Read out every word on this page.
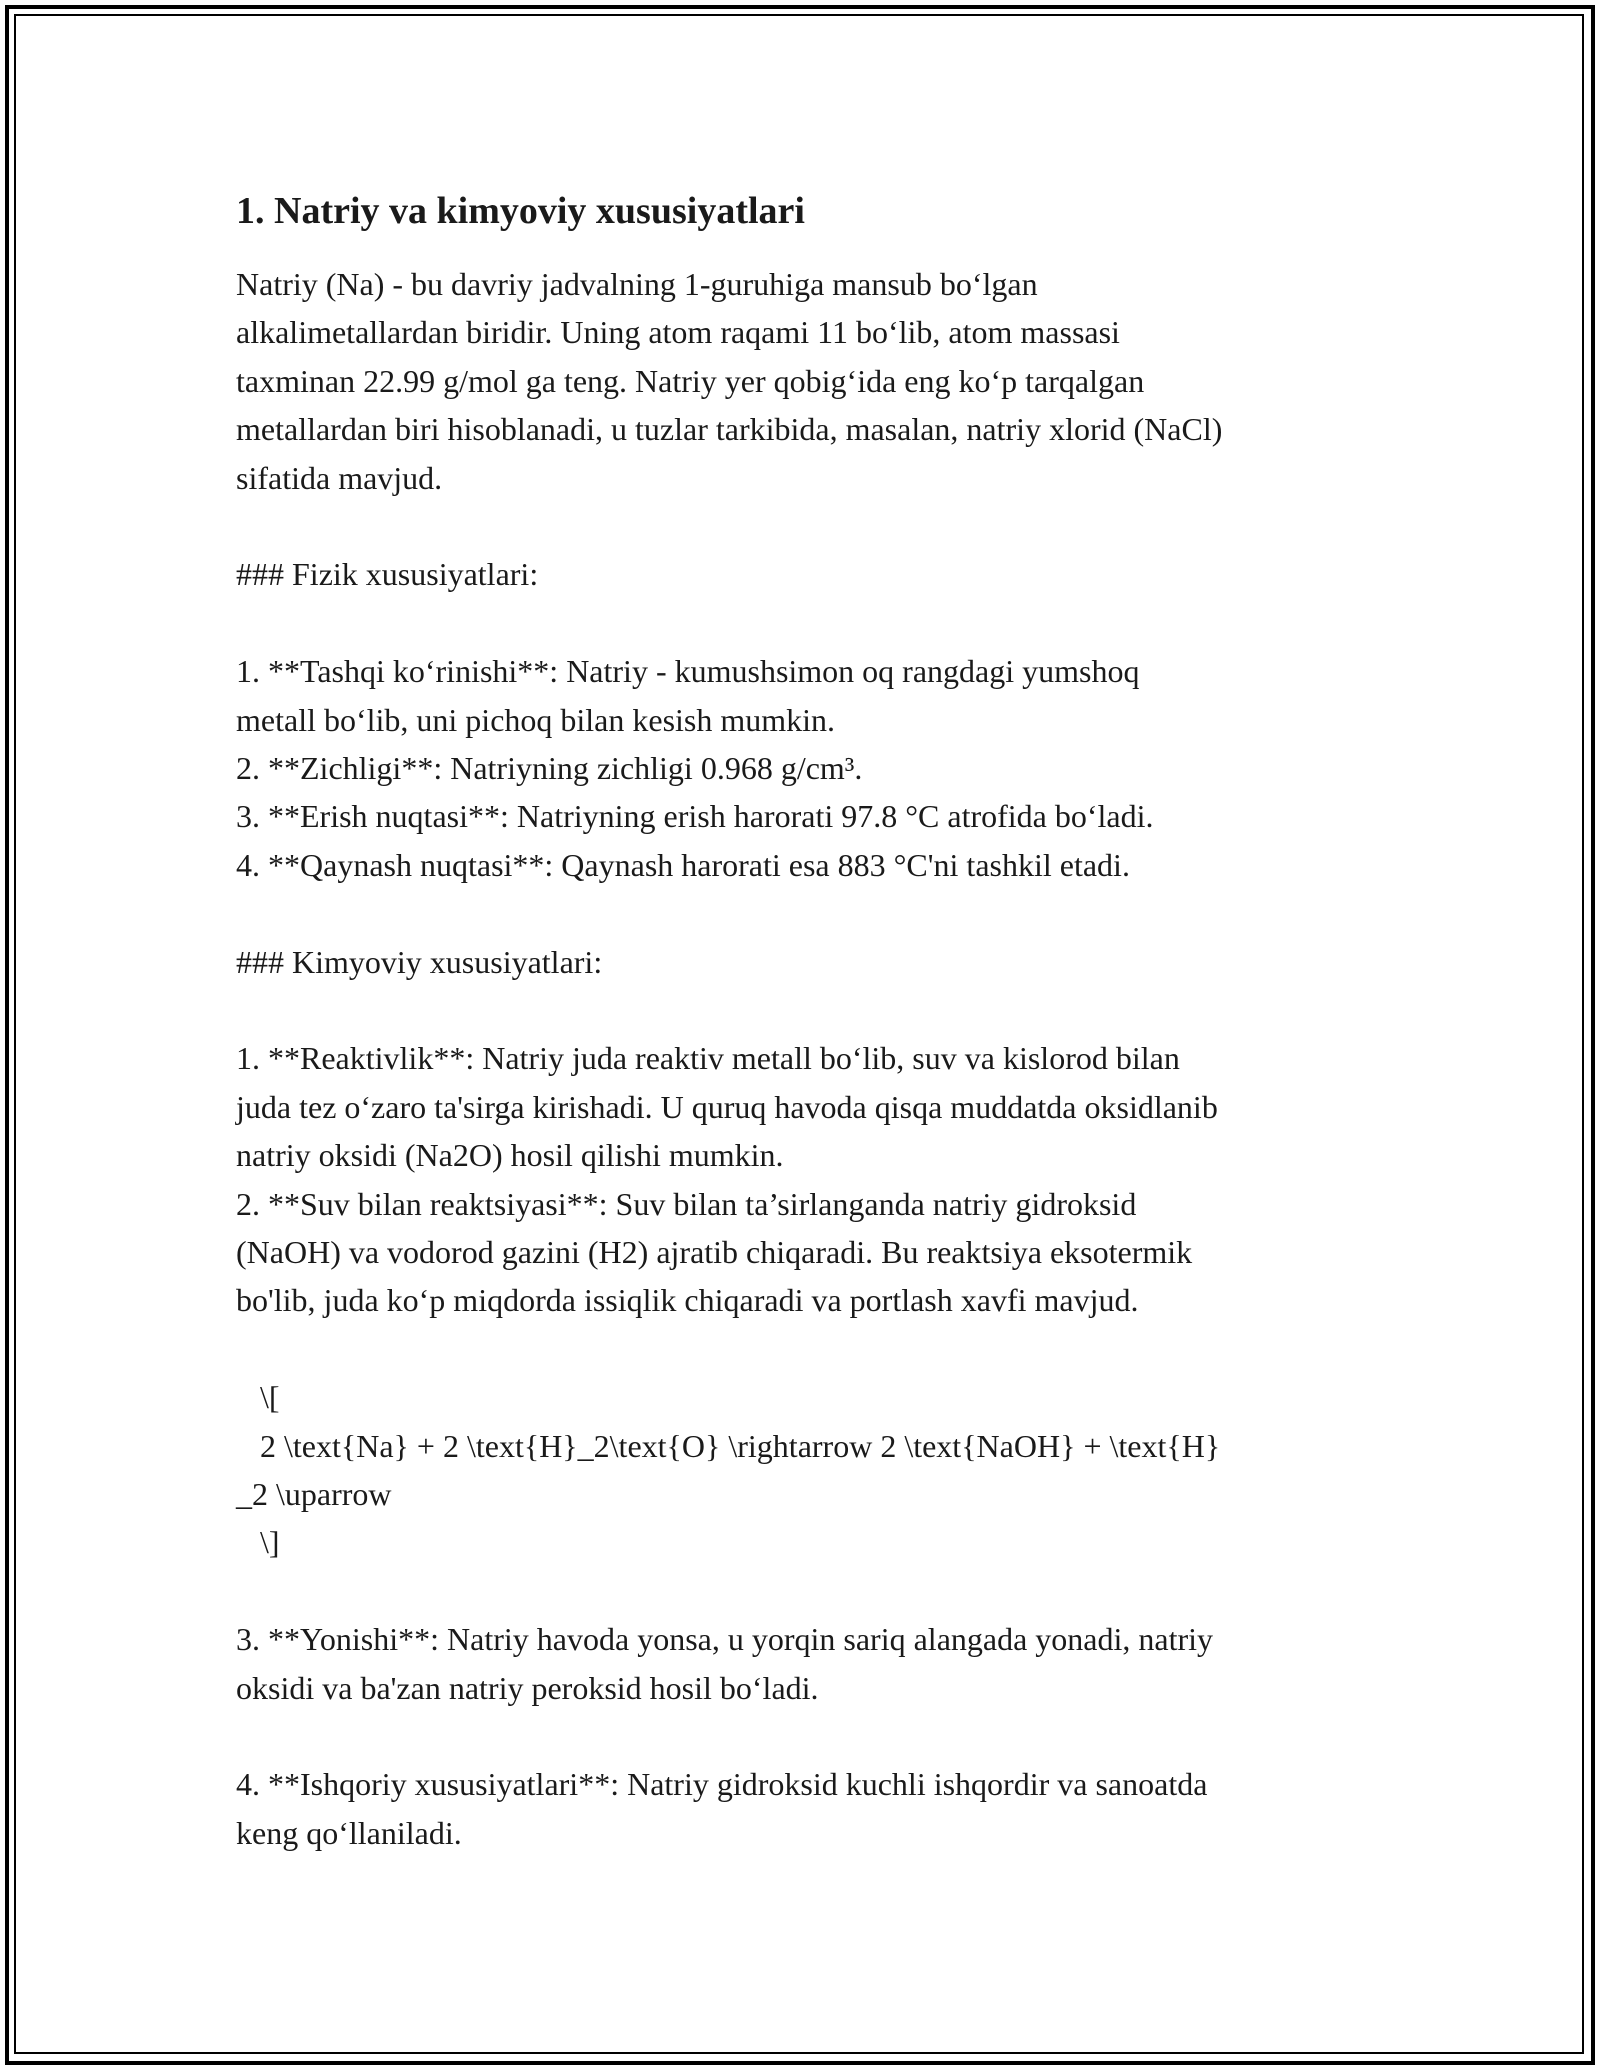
1. Natriy va kimyoviy xususiyatlari
Natriy (Na) - bu davriy jadvalning 1-guruhiga mansub bo‘lgan
alkalimetallardan biridir. Uning atom raqami 11 bo‘lib, atom massasi
taxminan 22.99 g/mol ga teng. Natriy yer qobig‘ida eng ko‘p tarqalgan
metallardan biri hisoblanadi, u tuzlar tarkibida, masalan, natriy xlorid (NaCl)
sifatida mavjud.
### Fizik xususiyatlari:
1. **Tashqi ko‘rinishi**: Natriy - kumushsimon oq rangdagi yumshoq
metall bo‘lib, uni pichoq bilan kesish mumkin.
2. **Zichligi**: Natriyning zichligi 0.968 g/cm³.
3. **Erish nuqtasi**: Natriyning erish harorati 97.8 °C atrofida bo‘ladi.
4. **Qaynash nuqtasi**: Qaynash harorati esa 883 °C'ni tashkil etadi.
### Kimyoviy xususiyatlari:
1. **Reaktivlik**: Natriy juda reaktiv metall bo‘lib, suv va kislorod bilan
juda tez o‘zaro ta'sirga kirishadi. U quruq havoda qisqa muddatda oksidlanib
natriy oksidi (Na2O) hosil qilishi mumkin.
2. **Suv bilan reaktsiyasi**: Suv bilan ta’sirlanganda natriy gidroksid
(NaOH) va vodorod gazini (H2) ajratib chiqaradi. Bu reaktsiya eksotermik
bo'lib, juda ko‘p miqdorda issiqlik chiqaradi va portlash xavfi mavjud.
\[
2 \text{Na} + 2 \text{H}_2\text{O} \rightarrow 2 \text{NaOH} + \text{H}
_2 \uparrow
\]
3. **Yonishi**: Natriy havoda yonsa, u yorqin sariq alangada yonadi, natriy
oksidi va ba'zan natriy peroksid hosil bo‘ladi.
4. **Ishqoriy xususiyatlari**: Natriy gidroksid kuchli ishqordir va sanoatda
keng qo‘llaniladi.
